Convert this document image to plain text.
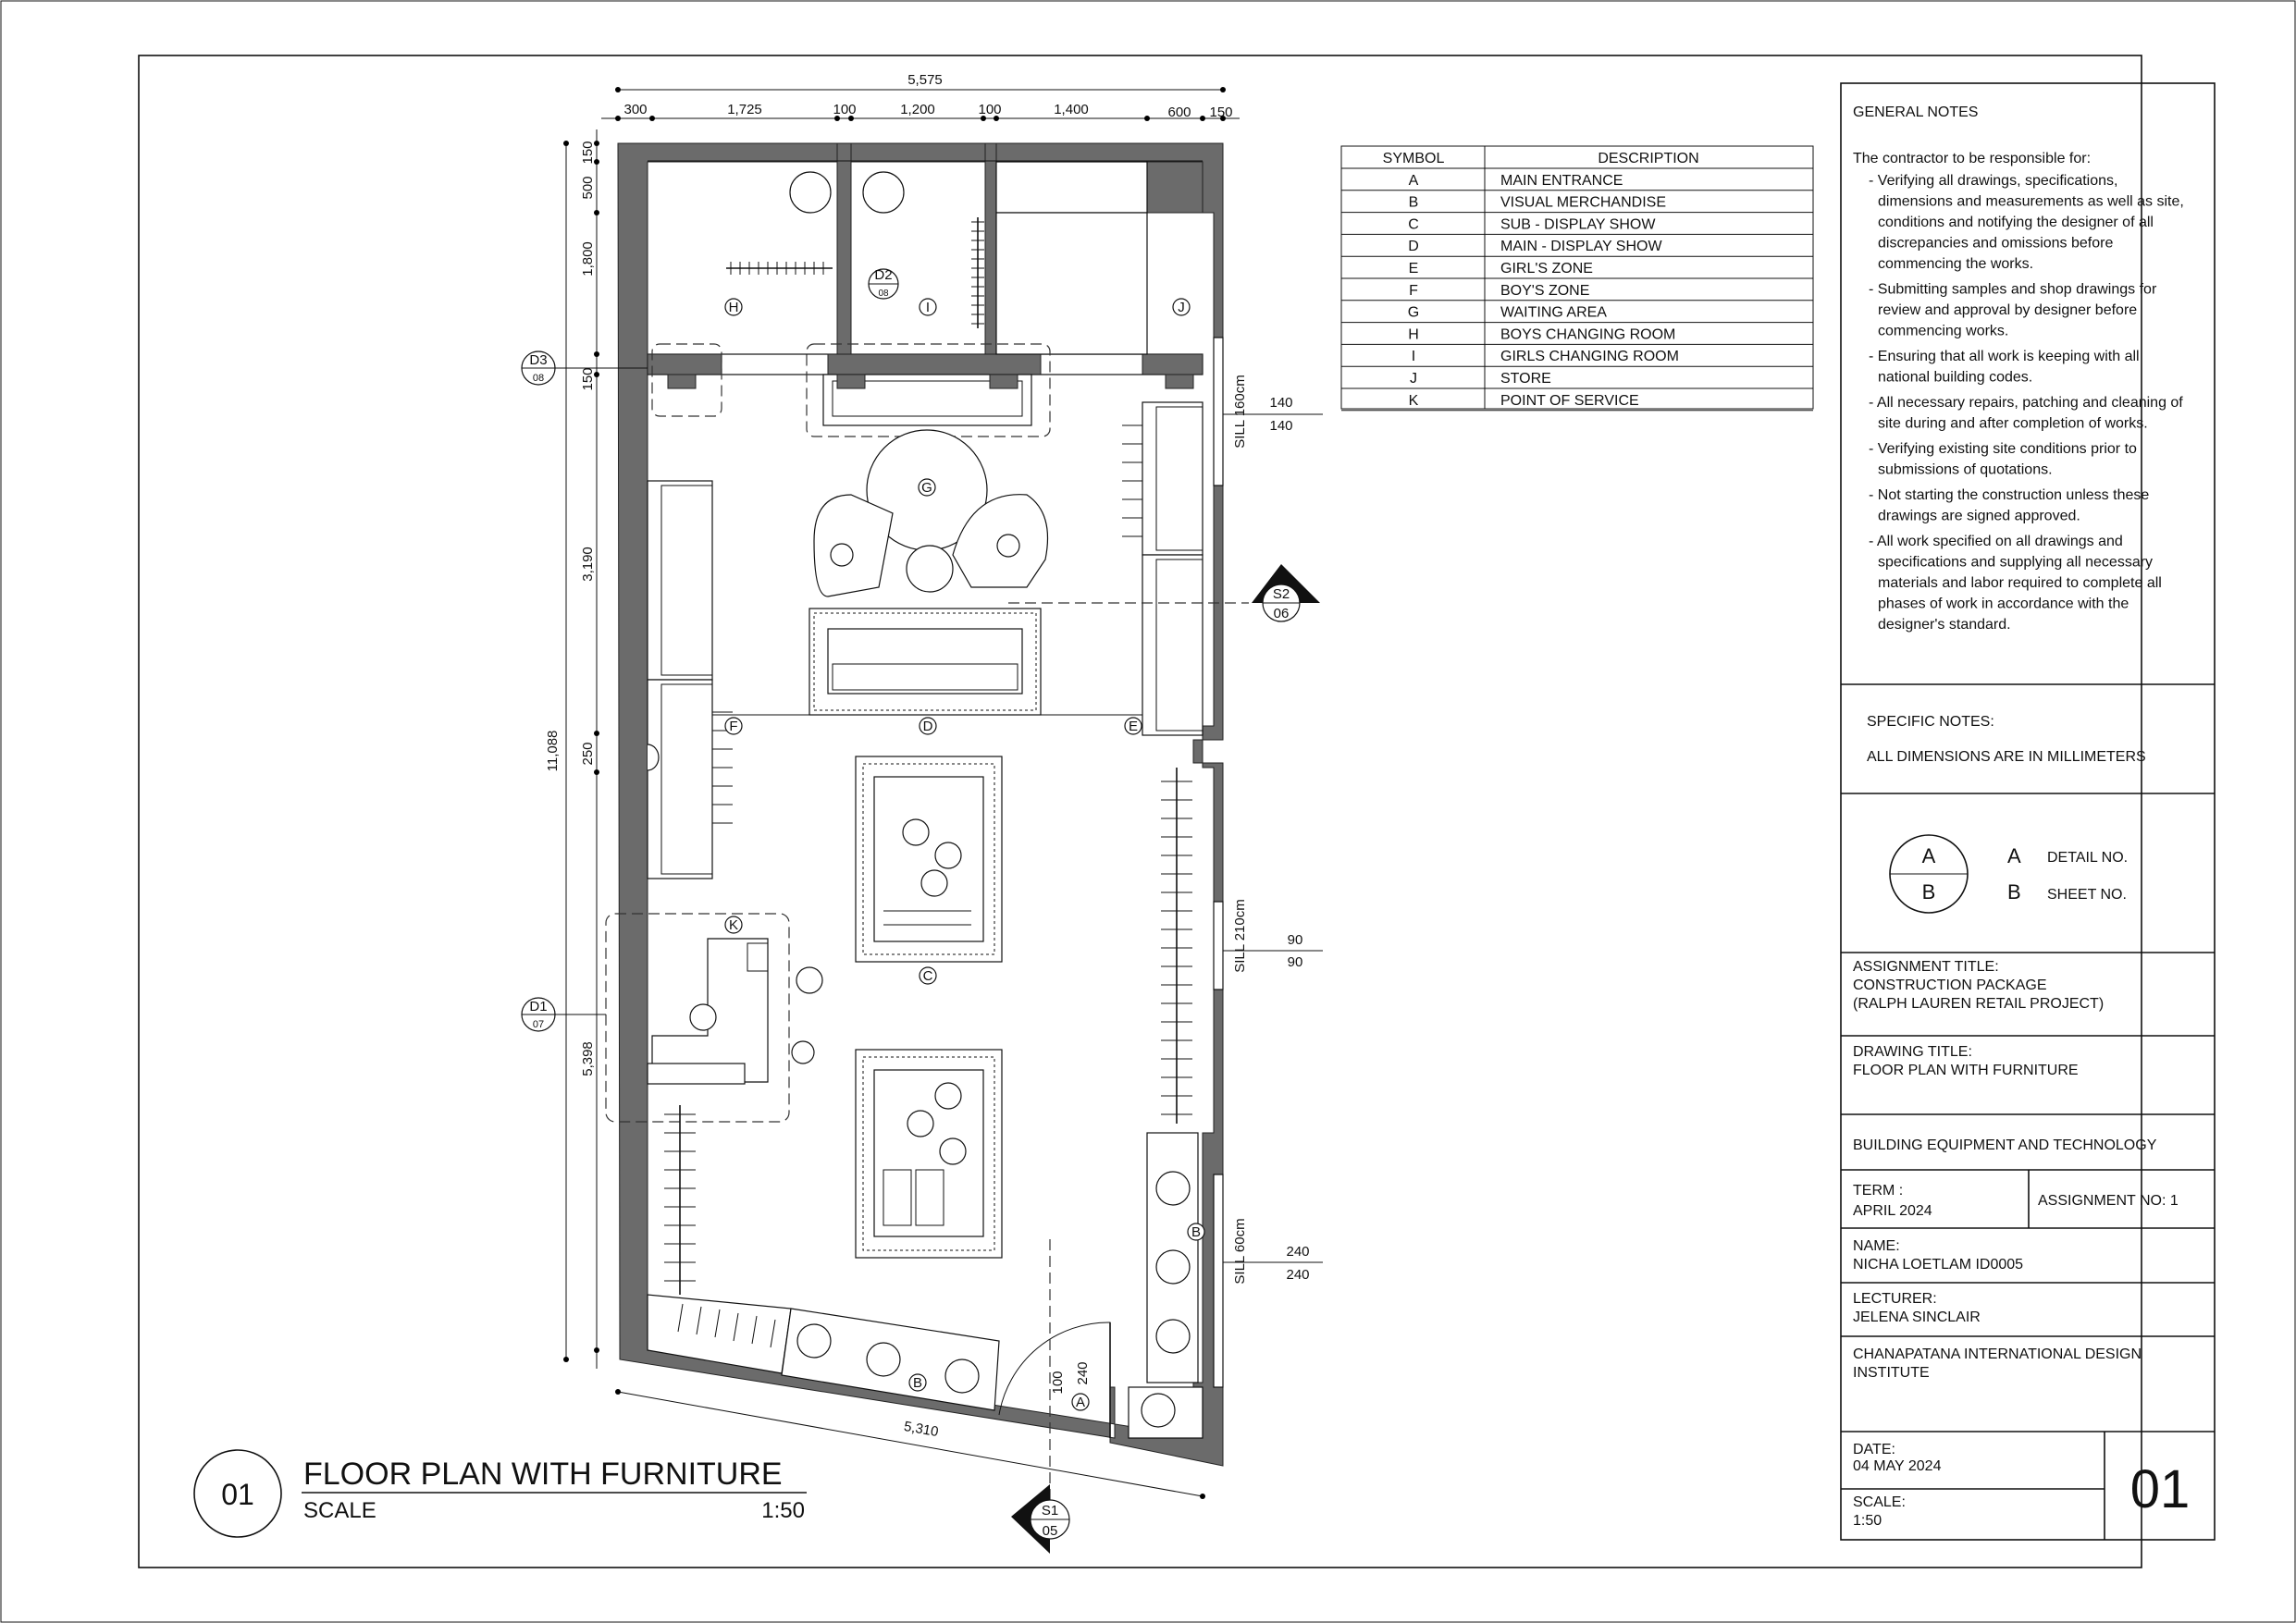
H	I	J
G
F	D	E
K
C
B
B
A
D2
08
5,575
300	1,725	100	1,200	100	1,400	600 150
11,088
150
500
1,800
150
3,190
250
5,398
5,310
100 240
SILL 160cm 140
140
SILL 210cm	90
90
SILL 60cm	240
240
D3
08
D1
07
S2
06
S1
05
01
FLOOR PLAN WITH FURNITURE
SCALE	1:50
SYMBOL	DESCRIPTION
A	MAIN ENTRANCE
B	VISUAL MERCHANDISE
C	SUB - DISPLAY SHOW
D	MAIN - DISPLAY SHOW
E	GIRL'S ZONE
F	BOY'S ZONE
G	WAITING AREA
H	BOYS CHANGING ROOM
I	GIRLS CHANGING ROOM
J	STORE
K	POINT OF SERVICE
GENERAL NOTES
The contractor to be responsible for:
- Verifying all drawings, specifications,
dimensions and measurements as well as site,
conditions and notifying the designer of all
discrepancies and omissions before
commencing the works.
- Submitting samples and shop drawings for
review and approval by designer before
commencing works.
- Ensuring that all work is keeping with all
national building codes.
- All necessary repairs, patching and cleaning of
site during and after completion of works.
- Verifying existing site conditions prior to
submissions of quotations.
- Not starting the construction unless these
drawings are signed approved.
- All work specified on all drawings and
specifications and supplying all necessary
materials and labor required to complete all
phases of work in accordance with the
designer's standard.
SPECIFIC NOTES:
ALL DIMENSIONS ARE IN MILLIMETERS
A
B
A
B
DETAIL NO.
SHEET NO.
ASSIGNMENT TITLE:
CONSTRUCTION PACKAGE
(RALPH LAUREN RETAIL PROJECT)
DRAWING TITLE:
FLOOR PLAN WITH FURNITURE
BUILDING EQUIPMENT AND TECHNOLOGY
TERM :
APRIL 2024
ASSIGNMENT NO: 1
NAME:
NICHA LOETLAM ID0005
LECTURER:
JELENA SINCLAIR
CHANAPATANA INTERNATIONAL DESIGN
INSTITUTE
DATE:
04 MAY 2024
SCALE:
1:50
01
